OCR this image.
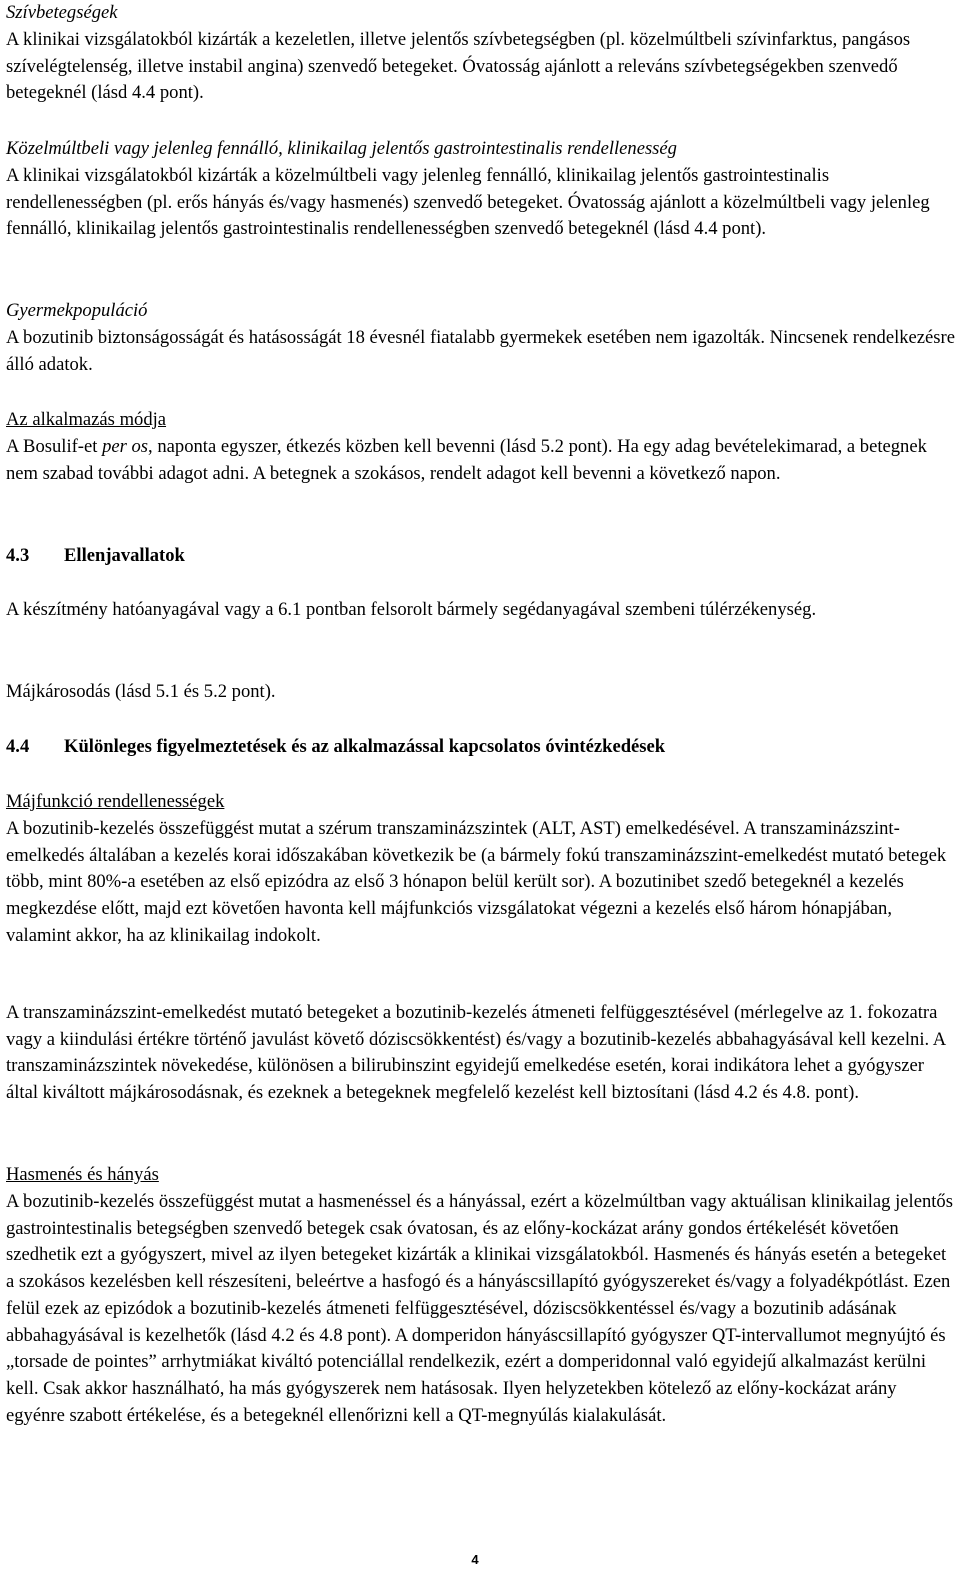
Szívbetegségek
A klinikai vizsgálatokból kizárták a kezeletlen, illetve jelentős szívbetegségben (pl. közelmúltbeli szívinfarktus, pangásos szívelégtelenség, illetve instabil angina) szenvedő betegeket. Óvatosság ajánlott a releváns szívbetegségekben szenvedő betegeknél (lásd 4.4 pont).
Közelmúltbeli vagy jelenleg fennálló, klinikailag jelentős gastrointestinalis rendellenesség
A klinikai vizsgálatokból kizárták a közelmúltbeli vagy jelenleg fennálló, klinikailag jelentős gastrointestinalis rendellenességben (pl. erős hányás és/vagy hasmenés) szenvedő betegeket. Óvatosság ajánlott a közelmúltbeli vagy jelenleg fennálló, klinikailag jelentős gastrointestinalis rendellenességben szenvedő betegeknél (lásd 4.4 pont).
Gyermekpopuláció
A bozutinib biztonságosságát és hatásosságát 18 évesnél fiatalabb gyermekek esetében nem igazolták. Nincsenek rendelkezésre álló adatok.
Az alkalmazás módja
A Bosulif-et per os, naponta egyszer, étkezés közben kell bevenni (lásd 5.2 pont). Ha egy adag bevételekimarad, a betegnek nem szabad további adagot adni. A betegnek a szokásos, rendelt adagot kell bevenni a következő napon.
4.3 Ellenjavallatok
A készítmény hatóanyagával vagy a 6.1 pontban felsorolt bármely segédanyagával szembeni túlérzékenység.
Májkárosodás (lásd 5.1 és 5.2 pont).
4.4 Különleges figyelmeztetések és az alkalmazással kapcsolatos óvintézkedések
Májfunkció rendellenességek
A bozutinib-kezelés összefüggést mutat a szérum transzaminázszintek (ALT, AST) emelkedésével. A transzaminázszint-emelkedés általában a kezelés korai időszakában következik be (a bármely fokú transzaminázszint-emelkedést mutató betegek több, mint 80%-a esetében az első epizódra az első 3 hónapon belül került sor). A bozutinibet szedő betegeknél a kezelés megkezdése előtt, majd ezt követően havonta kell májfunkciós vizsgálatokat végezni a kezelés első három hónapjában, valamint akkor, ha az klinikailag indokolt.
A transzaminázszint-emelkedést mutató betegeket a bozutinib-kezelés átmeneti felfüggesztésével (mérlegelve az 1. fokozatra vagy a kiindulási értékre történő javulást követő dóziscsökkentést) és/vagy a bozutinib-kezelés abbahagyásával kell kezelni. A transzaminázszintek növekedése, különösen a bilirubinszint egyidejű emelkedése esetén, korai indikátora lehet a gyógyszer által kiváltott májkárosodásnak, és ezeknek a betegeknek megfelelő kezelést kell biztosítani (lásd 4.2 és 4.8. pont).
Hasmenés és hányás
A bozutinib-kezelés összefüggést mutat a hasmenéssel és a hányással, ezért a közelmúltban vagy aktuálisan klinikailag jelentős gastrointestinalis betegségben szenvedő betegek csak óvatosan, és az előny-kockázat arány gondos értékelését követően szedhetik ezt a gyógyszert, mivel az ilyen betegeket kizárták a klinikai vizsgálatokból. Hasmenés és hányás esetén a betegeket a szokásos kezelésben kell részesíteni, beleértve a hasfogó és a hányáscsillapító gyógyszereket és/vagy a folyadékpótlást. Ezen felül ezek az epizódok a bozutinib-kezelés átmeneti felfüggesztésével, dóziscsökkentéssel és/vagy a bozutinib adásának abbahagyásával is kezelhetők (lásd 4.2 és 4.8 pont). A domperidon hányáscsillapító gyógyszer QT-intervallumot megnyújtó és „torsade de pointes” arrhytmiákat kiváltó potenciállal rendelkezik, ezért a domperidonnal való egyidejű alkalmazást kerülni kell. Csak akkor használható, ha más gyógyszerek nem hatásosak. Ilyen helyzetekben kötelező az előny-kockázat arány egyénre szabott értékelése, és a betegeknél ellenőrizni kell a QT-megnyúlás kialakulását.
4
